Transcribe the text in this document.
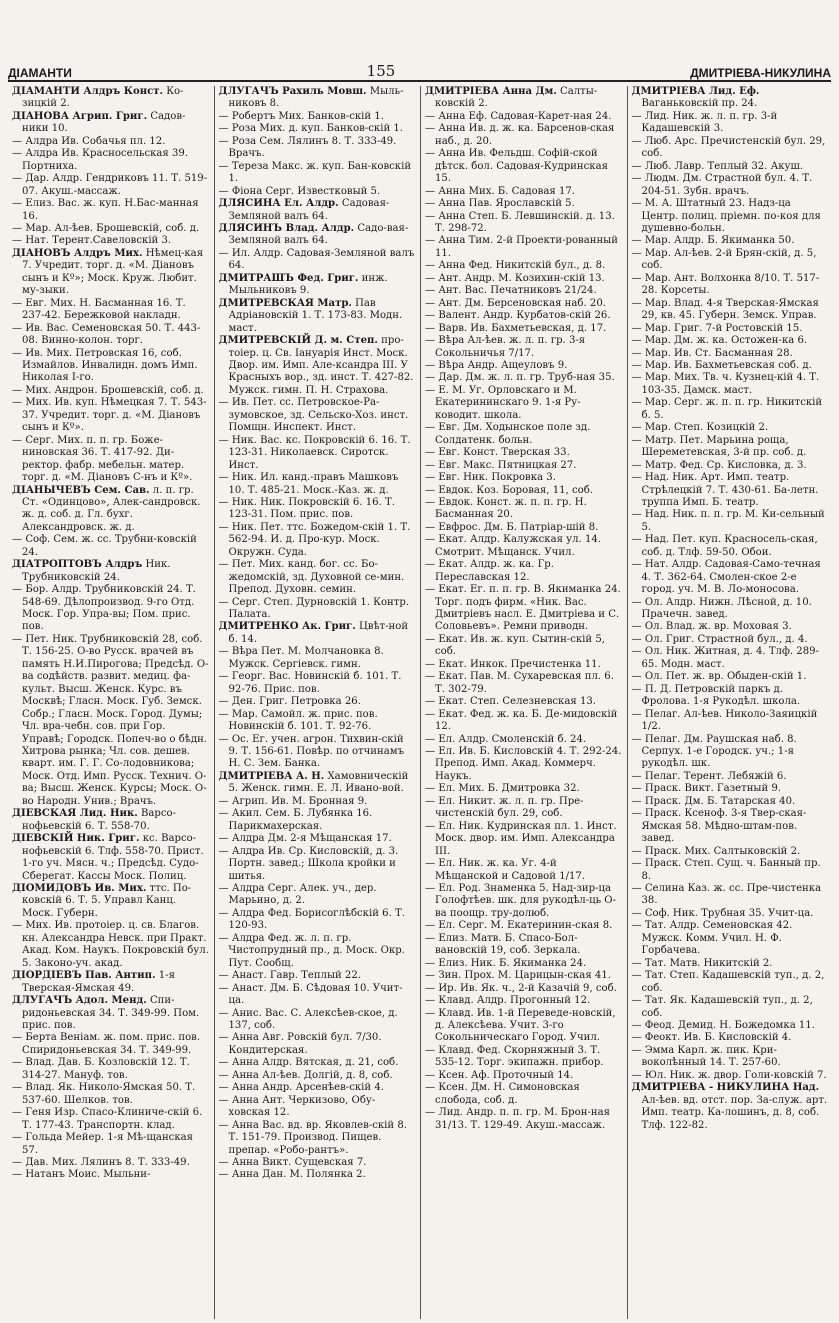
ДІАМАНТИ	155	ДМИТРІЕВА-НИКУЛИНА

ДІАМАНТИ Алдръ Конст. Ко-зицкій 2.

ДІАНОВА Агрип. Григ. Садов-ники 10.

— Алдра Ив. Собачья пл. 12.

— Алдра Ив. Красносельская 39. Портниха.

— Дар. Алдр. Гендриковъ 11. Т. 519-07. Акуш.-массаж.

— Елиз. Вас. ж. куп. Н.Бас-манная 16.

— Мар. Ал-ѣев. Брошевскій, соб. д.

— Нат. Терент.Савеловскій 3.

ДІАНОВЪ Алдръ Мих. Нѣмец-кая 7. Учредит. торг. д. «М. Діановъ сынъ и Кº»; Моск. Круж. Любит. му-зыки.

— Евг. Мих. Н. Басманная 16. Т. 237-42. Бережковой накладн.

— Ив. Вас. Семеновская 50. Т. 443-08. Винно-колон. торг.

— Ив. Мих. Петровская 16, соб. Измайлов. Инвалидн. домъ Имп. Николая I-го.

— Мих. Андрон. Брошевскій, соб. д.

— Мих. Ив. куп. Нѣмецкая 7. Т. 543-37. Учредит. торг. д. «М. Діановъ сынъ и Кº».

— Серг. Мих. п. п. гр. Боже-ниновская 36. Т. 417-92. Ди-ректор. фабр. мебельн. матер. торг. д. «М. Діановъ С-нъ и Кº».

ДІАНЫЧЕВЪ Сем. Сав. л. п. гр. Ст. «Одинцово», Алек-сандровск. ж. д. соб. д. Гл. бухг. Александровск. ж. д.

— Соф. Сем. ж. сс. Трубни-ковскій 24.

ДІАТРОПТОВЪ Алдръ Ник. Трубниковскій 24.

— Бор. Алдр. Трубниковскій 24. Т. 548-69. Дѣлопроизвод. 9-го Отд. Моск. Гор. Упра-вы; Пом. прис. пов.

— Пет. Ник. Трубниковскій 28, соб. Т. 156-25. О-во Русск. врачей въ память Н.И.Пирогова; Предсѣд. О-ва содѣйств. развит. медиц. фа-культ. Высш. Женск. Курс. въ Москвѣ; Гласн. Моск. Губ. Земск. Собр.; Гласн. Моск. Город. Думы; Чл. вра-чебн. сов. при Гор. Управѣ; Городск. Попеч-во о бѣдн. Хитрова рынка; Чл. сов. дешев. кварт. им. Г. Г. Со-лодовникова; Моск. Отд. Имп. Русск. Технич. О-ва; Высш. Женск. Курсы; Моск. О-во Народн. Унив.; Врачъ.

ДІЕВСКАЯ Лид. Ник. Варсо-нофьевскій 6. Т. 558-70.

ДІЕВСКІЙ Ник. Григ. кс. Варсо-нофьевскій 6. Тлф. 558-70. Прист. 1-го уч. Мясн. ч.; Предсѣд. Судо-Сберегат. Кассы Моск. Полиц.

ДІОМИДОВЪ Ив. Мих. ттс. По-ковскій 6. Т. 5. Управл Канц. Моск. Губерн.

— Мих. Ив. протоіер. ц. св. Благов. кн. Александра Невск. при Практ. Акад. Ком. Наукъ. Покровскій бул. 5. Законо-уч. акад.

ДІОРДІЕВЪ Пав. Антип. 1-я Тверская-Ямская 49.

ДЛУГАЧЪ Адол. Менд. Спи-ридоньевская 34. Т. 349-99. Пом. прис. пов.

— Берта Веніам. ж. пом. прис. пов. Спиридоньевская 34. Т. 349-99.

— Влад. Дав. Б. Козловскій 12. Т. 314-27. Мануф. тов.

— Влад. Як. Николо-Ямская 50. Т. 537-60. Шелков. тов.

— Геня Изр. Спасо-Клиниче-скій 6. Т. 177-43. Транспортн. клад.

— Гольда Мейер. 1-я Мѣ-щанская 57.

— Дав. Мих. Лялинъ 8. Т. 333-49.

— Натанъ Моис. Мыльни-

ДЛУГАЧЪ Рахиль Мовш. Мыль-никовъ 8.

— Робертъ Мих. Банков-скій 1.

— Роза Мих. д. куп. Банков-скій 1.

— Роза Сем. Лялинъ 8. Т. 333-49. Врачъ.

— Тереза Макс. ж. куп. Бан-ковскій 1.

— Фіона Серг. Известковый 5.

ДЛЯСИНА Ел. Алдр. Садовая-Земляной валъ 64.

ДЛЯСИНЪ Влад. Алдр. Садо-вая-Земляной валъ 64.

— Ил. Алдр. Садовая-Земляной валъ 64.

ДМИТРАШЪ Фед. Григ. инж. Мыльниковъ 9.

ДМИТРЕВСКАЯ Матр. Пав Адріановскій 1. Т. 173-83. Модн. маст.

ДМИТРЕВСКІЙ Д. м. Степ. про-тоіер. ц. Св. Іануарія Инст. Моск. Двор. им. Имп. Але-ксандра III. У Красныхъ вор., зд. инст. Т. 427-82. Мужск. гимн. П. Н. Страхова.

— Ив. Пет. сс. Петровское-Ра-зумовское, зд. Сельско-Хоз. инст. Помщн. Инспект. Инст.

— Ник. Вас. кс. Покровскій 6. 16. Т. 123-31. Николаевск. Сиротск. Инст.

— Ник. Ил. канд.-правъ Машковъ 10. Т. 485-21. Моск.-Каз. ж. д.

— Ник. Ник. Покровскій 6. 16. Т. 123-31. Пом. прис. пов.

— Ник. Пет. ттс. Божедом-скій 1. Т. 562-94. И. д. Про-кур. Моск. Окружн. Суда.

— Пет. Мих. канд. бог. сс. Бо-жедомскій, зд. Духовной се-мин. Препод. Духовн. семин.

— Серг. Степ. Дурновскій 1. Контр. Палата.

ДМИТРЕНКО Ак. Григ. Цвѣт-ной б. 14.

— Вѣра Пет. М. Молчановка 8. Мужск. Сергіевск. гимн.

— Георг. Вас. Новинскій б. 101. Т. 92-76. Прис. пов.

— Ден. Григ. Петровка 26.

— Мар. Самойл. ж. прис. пов. Новинскій б. 101. Т. 92-76.

— Ос. Ег. учен. агрон. Тихвин-скій 9. Т. 156-61. Повѣр. по отчинамъ Н. С. Зем. Банка.

ДМИТРІЕВА А. Н. Хамовническій 5. Женск. гимн. Е. Л. Ивано-вой.

— Агрип. Ив. М. Бронная 9.

— Акил. Сем. Б. Лубянка 16. Парикмахерская.

— Алдра Дм. 2-я Мѣщанская 17.

— Алдра Ив. Ср. Кисловскій, д. 3. Портн. завед.; Школа кройки и шитья.

— Алдра Серг. Алек. уч., дер. Марьино, д. 2.

— Алдра Фед. Борисоглѣбскій 6. Т. 120-93.

— Алдра Фед. ж. л. п. гр. Чистопрудный пр., д. Моск. Окр. Пут. Сообщ.

— Анаст. Гавр. Теплый 22.

— Анаст. Дм. Б. Сѣдовая 10. Учит-ца.

— Анис. Вас. С. Алексѣев-ское, д. 137, соб.

— Анна Авг. Ровскій бул. 7/30. Кондитерская.

— Анна Алдр. Вятская, д. 21, соб.

— Анна Ал-ѣев. Долгій, д. 8, соб.

— Анна Андр. Арсенѣев-скій 4.

— Анна Ант. Черкизово, Обу-ховская 12.

— Анна Вас. вд. вр. Яковлев-скій 8. Т. 151-79. Производ. Пищев. препар. «Робо-рантъ».

— Анна Викт. Сущевская 7.

— Анна Дан. М. Полянка 2.

ДМИТРІЕВА Анна Дм. Салты-ковскій 2.

— Анна Еф. Садовая-Карет-ная 24.

— Анна Ив. д. ж. ка. Барсенов-ская наб., д. 20.

— Анна Ив. Фельдш. Софій-ской дѣтск. бол. Садовая-Кудринская 15.

— Анна Мих. Б. Садовая 17.

— Анна Пав. Ярославскій 5.

— Анна Степ. Б. Левшинскій. д. 13. Т. 298-72.

— Анна Тим. 2-й Проекти-рованный 11.

— Анна Фед. Никитскій бул., д. 8.

— Ант. Андр. М. Козихин-скій 13.

— Ант. Вас. Печатниковъ 21/24.

— Ант. Дм. Берсеновская наб. 20.

— Валент. Андр. Курбатов-скій 26.

— Варв. Ив. Бахметьевская, д. 17.

— Вѣра Ал-ѣев. ж. л. п. гр. 3-я Сокольничья 7/17.

— Вѣра Андр. Ащеуловъ 9.

— Дар. Дм. ж. л. п. гр. Труб-ная 35.

— Е. М. Уг. Орловскаго и М. Екатерининскаго 9. 1-я Ру-ководит. школа.

— Евг. Дм. Ходынское поле зд. Солдатенк. больн.

— Евг. Конст. Тверская 33.

— Евг. Макс. Пятницкая 27.

— Евг. Ник. Покровка 3.

— Евдок. Коз. Боровая, 11, соб.

— Евдок. Конст. ж. п. п. гр. Н. Басманная 20.

— Евфрос. Дм. Б. Патріар-шій 8.

— Екат. Алдр. Калужская ул. 14. Смотрит. Мѣщанск. Учил.

— Екат. Алдр. ж. ка. Гр. Переславская 12.

— Екат. Ег. п. п. гр. В. Якиманка 24. Торг. подъ фирм. «Ник. Вас. Дмитріевъ насл. Е. Дмитріева и С. Соловьевъ». Ремни приводн.

— Екат. Ив. ж. куп. Сытин-скій 5, соб.

— Екат. Инкок. Пречистенка 11.

— Екат. Пав. М. Сухаревская пл. 6. Т. 302-79.

— Екат. Степ. Селезневская 13.

— Екат. Фед. ж. ка. Б. Де-мидовскій 12.

— Ел. Алдр. Смоленскій б. 24.

— Ел. Ив. Б. Кисловскій 4. Т. 292-24. Препод. Имп. Акад. Коммерч. Наукъ.

— Ел. Мих. Б. Дмитровка 32.

— Ел. Никит. ж. л. п. гр. Пре-чистенскій бул. 29, соб.

— Ел. Ник. Кудринская пл. 1. Инст. Моск. двор. им. Имп. Александра III.

— Ел. Ник. ж. ка. Уг. 4-й Мѣщанской и Садовой 1/17.

— Ел. Род. Знаменка 5. Над-зир-ца Голофтѣев. шк. для рукодѣл-ць О-ва поощр. тру-долюб.

— Ел. Серг. М. Екатеринин-ская 8.

— Елиз. Матв. Б. Спасо-Бол-вановскій 19, соб. Зеркала.

— Елиз. Ник. Б. Якиманка 24.

— Зин. Прох. М. Царицын-ская 41.

— Ир. Ив. Як. ч., 2-й Казачій 9, соб.

— Клавд. Алдр. Прогонный 12.

— Клавд. Ив. 1-й Переведе-новскій, д. Алексѣева. Учит. 3-го Сокольническаго Город. Учил.

— Клавд. Фед. Скорняжный 3. Т. 535-12. Торг. экипажн. прибор.

— Ксен. Аф. Проточный 14.

— Ксен. Дм. Н. Симоновская слобода, соб. д.

— Лид. Андр. п. п. гр. М. Брон-ная 31/13. Т. 129-49. Акуш.-массаж.

ДМИТРІЕВА Лид. Еф. Ваганьковскій пр. 24.

— Лид. Ник. ж. л. п. гр. 3-й Кадашевскій 3.

— Люб. Арс. Пречистенскій бул. 29, соб.

— Люб. Лавр. Теплый 32. Акуш.

— Людм. Дм. Страстной бул. 4. Т. 204-51. Зубн. врачъ.

— М. А. Штатный 23. Надз-ца Центр. полиц. пріемн. по-коя для душевно-больн.

— Мар. Алдр. Б. Якиманка 50.

— Мар. Ал-ѣев. 2-й Брян-скій, д. 5, соб.

— Мар. Ант. Волхонка 8/10. Т. 517-28. Корсеты.

— Мар. Влад. 4-я Тверская-Ямская 29, кв. 45. Губерн. Земск. Управ.

— Мар. Григ. 7-й Ростовскій 15.

— Мар. Дм. ж. ка. Остожен-ка 6.

— Мар. Ив. Ст. Басманная 28.

— Мар. Ив. Бахметьевская соб. д.

— Мар. Мих. Тв. ч. Кузнец-кій 4. Т. 103-35. Дамск. маст.

— Мар. Серг. ж. п. п. гр. Никитскій б. 5.

— Мар. Степ. Козицкій 2.

— Матр. Пет. Марьина роща, Шереметевская, 3-й пр. соб. д.

— Матр. Фед. Ср. Кисловка, д. 3.

— Над. Ник. Арт. Имп. театр. Стрѣлецкій 7. Т. 430-61. Ба-летн. труппа Имп. Б. театр.

— Над. Ник. п. п. гр. М. Ки-сельный 5.

— Над. Пет. куп. Красносель-ская, соб. д. Тлф. 59-50. Обои.

— Нат. Алдр. Садовая-Само-течная 4. Т. 362-64. Смолен-ское 2-е город. уч. М. В. Ло-моносова.

— Ол. Алдр. Нижн. Лѣсной, д. 10. Прачечн. завед.

— Ол. Влад. ж. вр. Моховая 3.

— Ол. Григ. Страстной бул., д. 4.

— Ол. Ник. Житная, д. 4. Тлф. 289-65. Модн. маст.

— Ол. Пет. ж. вр. Обыден-скій 1.

— П. Д. Петровскій паркъ д. Фролова. 1-я Рукодѣл. школа.

— Пелаг. Ал-ѣев. Николо-Заяицкій 1/2.

— Пелаг. Дм. Раушская наб. 8. Серпух. 1-е Городск. уч.; 1-я рукодѣл. шк.

— Пелаг. Терент. Лебяжій 6.

— Праск. Викт. Газетный 9.

— Праск. Дм. Б. Татарская 40.

— Праск. Ксеноф. 3-я Твер-ская-Ямская 58. Мѣдно-штам-пов. завед.

— Праск. Мих. Салтыковскій 2.

— Праск. Степ. Сущ. ч. Банный пр. 8.

— Селина Каз. ж. сс. Пре-чистенка 38.

— Соф. Ник. Трубная 35. Учит-ца.

— Тат. Алдр. Семеновская 42. Мужск. Комм. Учил. Н. Ф. Горбачева.

— Тат. Матв. Никитскій 2.

— Тат. Степ. Кадашевскій туп., д. 2, соб.

— Тат. Як. Кадашевскій туп., д. 2, соб.

— Феод. Демид. Н. Божедомка 11.

— Феокт. Ив. Б. Кисловскій 4.

— Эмма Карл. ж. пик. Кри-воколѣнный 14. Т. 257-60.

— Юл. Ник. ж. двор. Голи-ковскій 7.

ДМИТРІЕВА - НИКУЛИНА Над. Ал-ѣев. вд. отст. пор. За-служ. арт. Имп. театр. Ка-лошинъ, д. 8, соб. Тлф. 122-82.
